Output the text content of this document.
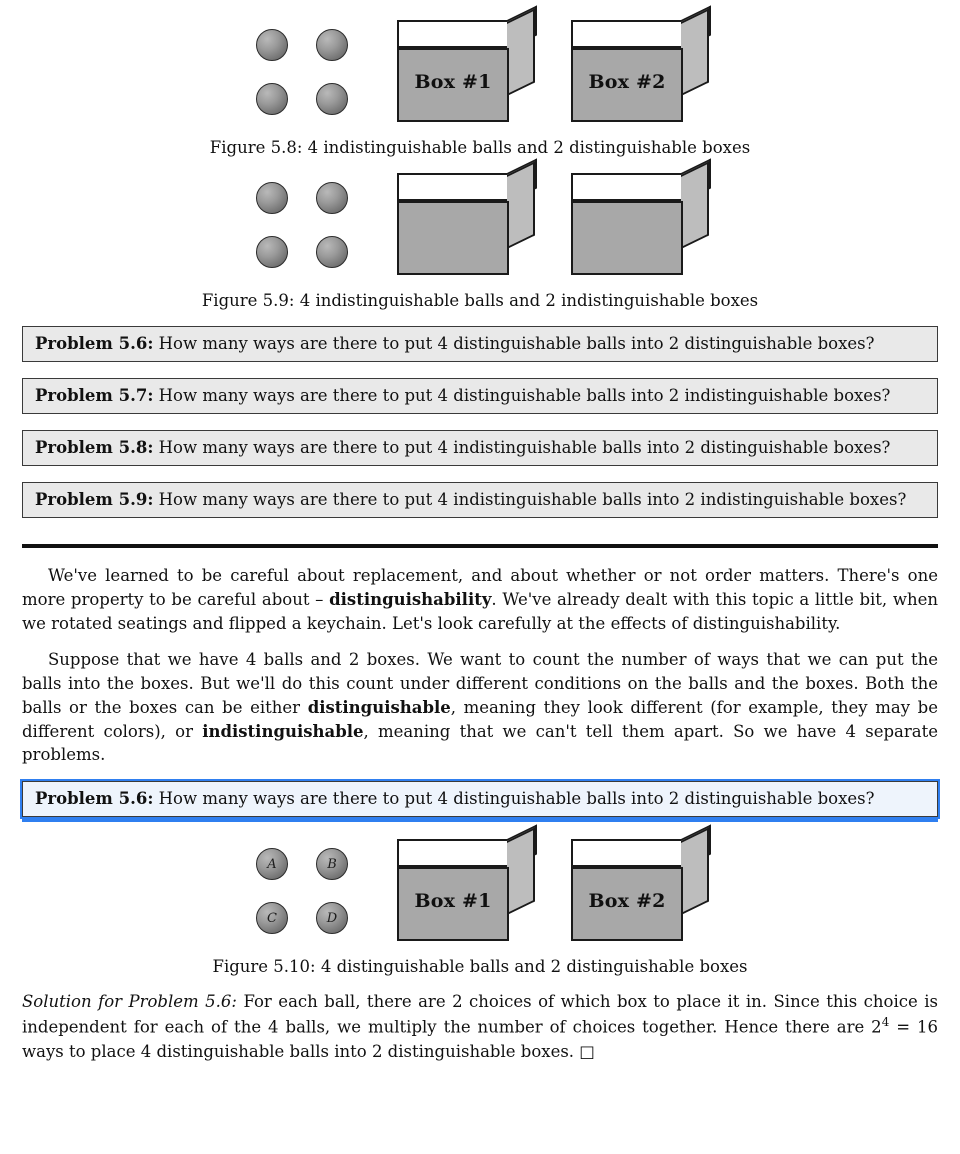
Box #1	Box #2
Figure 5.8: 4 indistinguishable balls and 2 distinguishable boxes
Figure 5.9: 4 indistinguishable balls and 2 indistinguishable boxes
Problem 5.6: How many ways are there to put 4 distinguishable balls into 2 distinguishable boxes?
Problem 5.7: How many ways are there to put 4 distinguishable balls into 2 indistinguishable boxes?
Problem 5.8: How many ways are there to put 4 indistinguishable balls into 2 distinguishable boxes?
Problem 5.9: How many ways are there to put 4 indistinguishable balls into 2 indistinguishable boxes?

We've learned to be careful about replacement, and about whether or not order matters. There's one more property to be careful about – distinguishability. We've already dealt with this topic a little bit, when we rotated seatings and flipped a keychain. Let's look carefully at the effects of distinguishability.

Suppose that we have 4 balls and 2 boxes. We want to count the number of ways that we can put the balls into the boxes. But we'll do this count under different conditions on the balls and the boxes. Both the balls or the boxes can be either distinguishable, meaning they look different (for example, they may be different colors), or indistinguishable, meaning that we can't tell them apart. So we have 4 separate problems.

Problem 5.6: How many ways are there to put 4 distinguishable balls into 2 distinguishable boxes?
A	B
C	D
Box #1	Box #2
Figure 5.10: 4 distinguishable balls and 2 distinguishable boxes
Solution for Problem 5.6: For each ball, there are 2 choices of which box to place it in. Since this choice is independent for each of the 4 balls, we multiply the number of choices together. Hence there are $2^4 = 16$ ways to place 4 distinguishable balls into 2 distinguishable boxes. □
